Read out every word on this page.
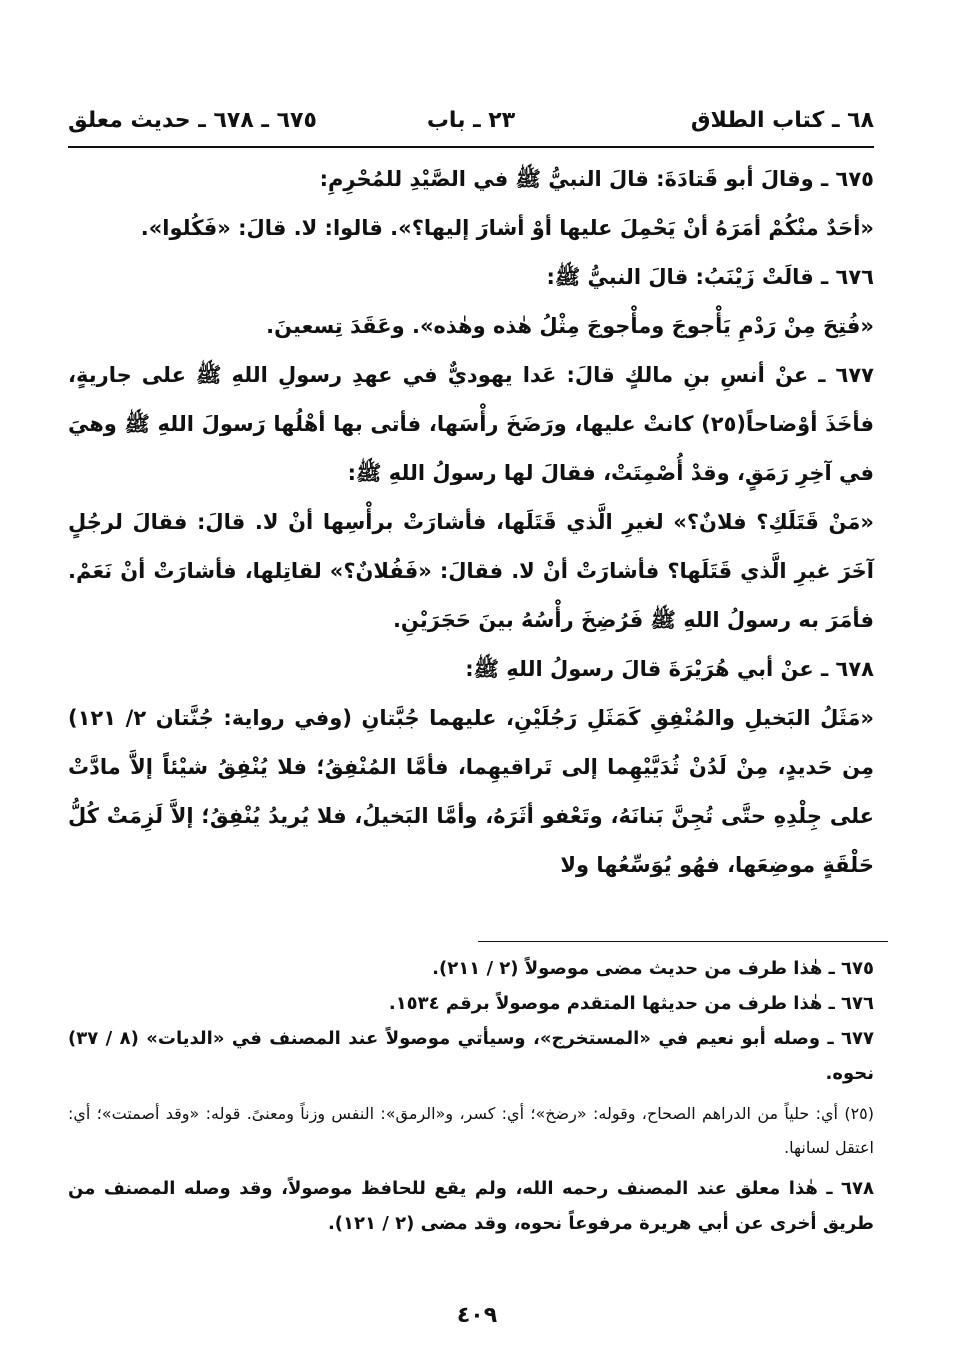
٦٨ ـ كتاب الطلاق
٢٣ ـ باب
٦٧٥ ـ ٦٧٨ ـ حديث معلق

٦٧٥ ـ وقالَ أبو قَتادَةَ: قالَ النبيُّ ﷺ في الصَّيْدِ للمُحْرِمِ:

«أحَدٌ منْكُمْ أمَرَهُ أنْ يَحْمِلَ عليها أوْ أشارَ إليها؟». قالوا: لا. قالَ: «فَكُلوا».

٦٧٦ ـ قالَتْ زَيْنَبُ: قالَ النبيُّ ﷺ:

«فُتِحَ مِنْ رَدْمِ يَأْجوجَ ومأْجوجَ مِثْلُ هٰذه وهٰذه». وعَقَدَ تِسعينَ.

٦٧٧ ـ عنْ أنسِ بنِ مالكٍ قالَ: عَدا يهوديٌّ في عهدِ رسولِ اللهِ ﷺ على جاريةٍ، فأخَذَ أوْضاحاً(٢٥) كانتْ عليها، ورَضَخَ رأْسَها، فأتى بها أهْلُها رَسولَ اللهِ ﷺ وهيَ في آخِرِ رَمَقٍ، وقدْ أُصْمِتَتْ، فقالَ لها رسولُ اللهِ ﷺ:

«مَنْ قَتَلَكِ؟ فلانٌ؟» لغيرِ الَّذي قَتَلَها، فأشارَتْ برأْسِها أنْ لا. قالَ: فقالَ لرجُلٍ آخَرَ غيرِ الَّذي قَتَلَها؟ فأشارَتْ أنْ لا. فقالَ: «فَفُلانٌ؟» لقاتِلها، فأشارَتْ أنْ نَعَمْ. فأمَرَ به رسولُ اللهِ ﷺ فَرُضِخَ رأْسُهُ بينَ حَجَرَيْنِ.

٦٧٨ ـ عنْ أبي هُرَيْرَةَ قالَ رسولُ اللهِ ﷺ:

«مَثَلُ البَخيلِ والمُنْفِقِ كَمَثَلِ رَجُلَيْنِ، عليهما جُبَّتانِ (وفي رواية: جُنَّتان ٢/ ١٢١) مِن حَديدٍ، مِنْ لَدُنْ ثُدَيَّيْهِما إلى تَراقيهِما، فأمَّا المُنْفِقُ؛ فلا يُنْفِقُ شيْئاً إلاَّ مادَّتْ على جِلْدِهِ حتَّى تُجِنَّ بَنانَهُ، وتَعْفو أثَرَهُ، وأمَّا البَخيلُ، فلا يُريدُ يُنْفِقُ؛ إلاَّ لَزِمَتْ كُلُّ حَلْقَةٍ موضِعَها، فهُو يُوَسِّعُها ولا

٦٧٥ ـ هٰذا طرف من حديث مضى موصولاً (٢ / ٢١١).

٦٧٦ ـ هٰذا طرف من حديثها المتقدم موصولاً برقم ١٥٣٤.

٦٧٧ ـ وصله أبو نعيم في «المستخرج»، وسيأتي موصولاً عند المصنف في «الديات» (٨ / ٣٧) نحوه.

(٢٥) أي: حلياً من الدراهم الصحاح، وقوله: «رضخ»؛ أي: كسر، و«الرمق»: النفس وزناً ومعنىً. قوله: «وقد أصمتت»؛ أي: اعتقل لسانها.

٦٧٨ ـ هٰذا معلق عند المصنف رحمه الله، ولم يقع للحافظ موصولاً، وقد وصله المصنف من طريق أخرى عن أبي هريرة مرفوعاً نحوه، وقد مضى (٢ / ١٢١).

٤٠٩
